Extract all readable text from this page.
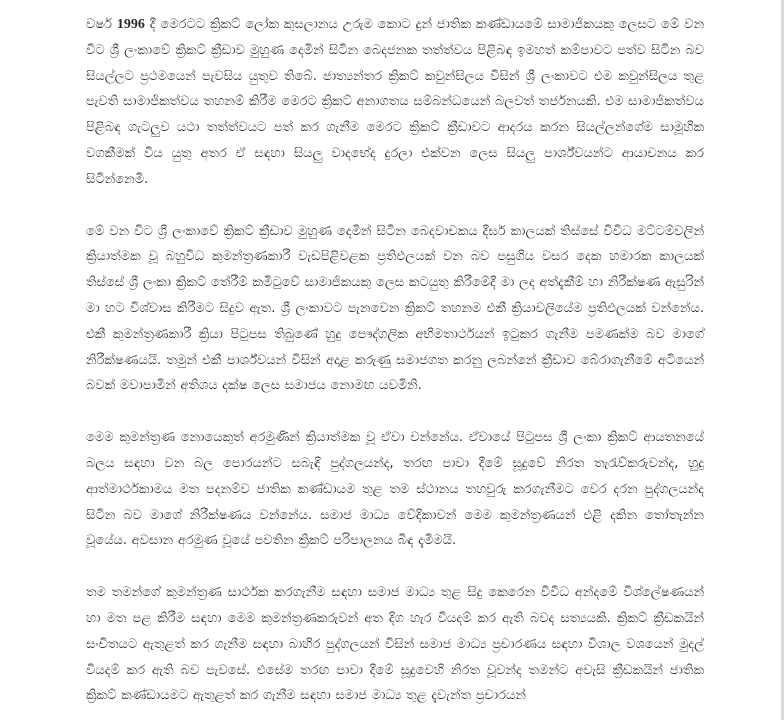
වර්ෂ 1996 දී මෙරටට ක්‍රිකට් ලෝක කුසලානය උරුම කොට දුන් ජාතික කණ්ඩායමේ සාමාජිකයකු ලෙසට මේ වන විට ශ්‍රී ලංකාවේ ක්‍රිකට් ක්‍රීඩාව මුහුණ දෙමින් සිටින බෙදජනක තත්ත්වය පිළිබඳ ඉමහත් කම්පාවට පත්ව සිටින බව සියල්ලට ප්‍රථමයෙන් පැවසිය යුතුව තිබේ. ජාත්‍යන්තර ක්‍රිකට් කවුන්සිලය විසින් ශ්‍රී ලංකාවට එම කවුන්සිලය තුළ පැවති සාමාජිකත්වය තහනම් කිරීම මෙරට ක්‍රිකට් අනාගතය සම්බන්ධයෙන් බලවත් තර්ජනයකි. එම සාමාජිකත්වය පිළිබඳ ගැටලුව යථා තත්ත්වයට පත් කර ගැනීම මෙරට ක්‍රිකට් ක්‍රීඩාවට ආදරය කරන සියල්ලන්ගේම සාමූහික වගකීමක් විය යුතු අතර ඒ සඳහා සියලු වාදභේද දුරලා එක්වන ලෙස සියලු පාර්ශ්වයන්ට ආයාචනය කර සිටින්නෙමි.

මේ වන විට ශ්‍රී ලංකාවේ ක්‍රිකට් ක්‍රීඩාව මුහුණ දෙමින් සිටින බෙදවාචකය දීර්ඝ කාලයක් තිස්සේ විවිධ මට්ටම්වලින් ක්‍රියාත්මක වූ බහුවිධ කුමන්ත්‍රණකාරී වැඩපිළිවළක ප්‍රතිඵලයක් වන බව පසුගිය වසර දෙක හමාරක කාලයක් තිස්සේ ශ්‍රී ලංකා ක්‍රිකට් තේරීම් කමිටුවේ සාමාජිකයකු ලෙස කටයුතු කිරීමේදී මා ලද අත්දැකීම් හා නිරීක්ෂණ ඇසුරින් මා හට විශ්වාස කිරීමට සිදුව ඇත. ශ්‍රී ලංකාවට පැනවෙන ක්‍රිකට් තහනම එකී ක්‍රියාවලියේම ප්‍රතිඵලයක් වන්නේය. එකී කුමන්ත්‍රණකාරී ක්‍රියා පිටුපස තිබුණේ හුදු පෞද්ගලික අභිමතාර්ථයන් ඉටුකර ගැනීම පමණක්ම බව මාගේ නිරීක්ෂණයයි. තමුන් එකී පාර්ශ්වයන් විසින් අදාළ කරුණු සමාජගත කරනු ලබන්නේ ක්‍රීඩාව බේරාගැනීමේ අටියෙන් බවක් මවාපාමින් අතිශය දක්ෂ ලෙස සමාජය නොමඟ යවමිනි.

මෙම කුමන්ත්‍රණ නොයෙකුත් අරමුණින් ක්‍රියාත්මක වූ ඒවා වන්නේය. ඒවායේ පිටුපස ශ්‍රී ලංකා ක්‍රිකට් ආයතනයේ බලය සඳහා වන බල පොරයන්ට සබැඳි පුද්ගලයන්ද, තරඟ පාවා දීමේ සූදුවේ නිරත තැරැව්කරුවන්ද, හුදු ආත්මාර්ථකාමය මත පදනම්ව ජාතික කණ්ඩායම තුළ තම ස්ථානය තහවුරු කරගැනීමට වෙර දරන පුද්ගලයන්ද සිටින බව මාගේ නිරීක්ෂණය වන්නේය. සමාජ මාධ්‍ය වේදිකාවන් මෙම කුමන්ත්‍රණයන් එළි දකින තෝතැන්න වූයේය. අවසාන අරමුණ වූයේ පවතින ක්‍රිකට් පරිපාලනය බිඳ දැමීමයි.

තම තමන්ගේ කුමන්ත්‍රණ සාර්ථක කරගැනීම සඳහා සමාජ මාධ්‍ය තුළ සිදු කෙරෙන විවිධ අන්දමේ විශ්ලේෂණයන් හා මත පළ කිරීම සඳහා මෙම කුමන්ත්‍රණකරුවන් අත දිග හැර වියදම් කර ඇති බවද සත්‍යයකි. ක්‍රිකට් ක්‍රීඩකයින් සංචිතයට ඇතුළත් කර ගැනීම සඳහා බාහිර පුද්ගලයන් විසින් සමාජ මාධ්‍ය ප්‍රචාරණය සඳහා විශාල වශයෙන් මුදල් වියදම් කර ඇති බව පැවසේ. එසේම තරඟ පාවා දීමේ සූදුවෙහි නිරත වූවන්ද තමන්ට අවැසි ක්‍රීඩකයින් ජාතික ක්‍රිකට් කණ්ඩායමට ඇතුළත් කර ගැනීම සඳහා සමාජ මාධ්‍ය තුළ දැවැන්ත ප්‍රචාරයන්
